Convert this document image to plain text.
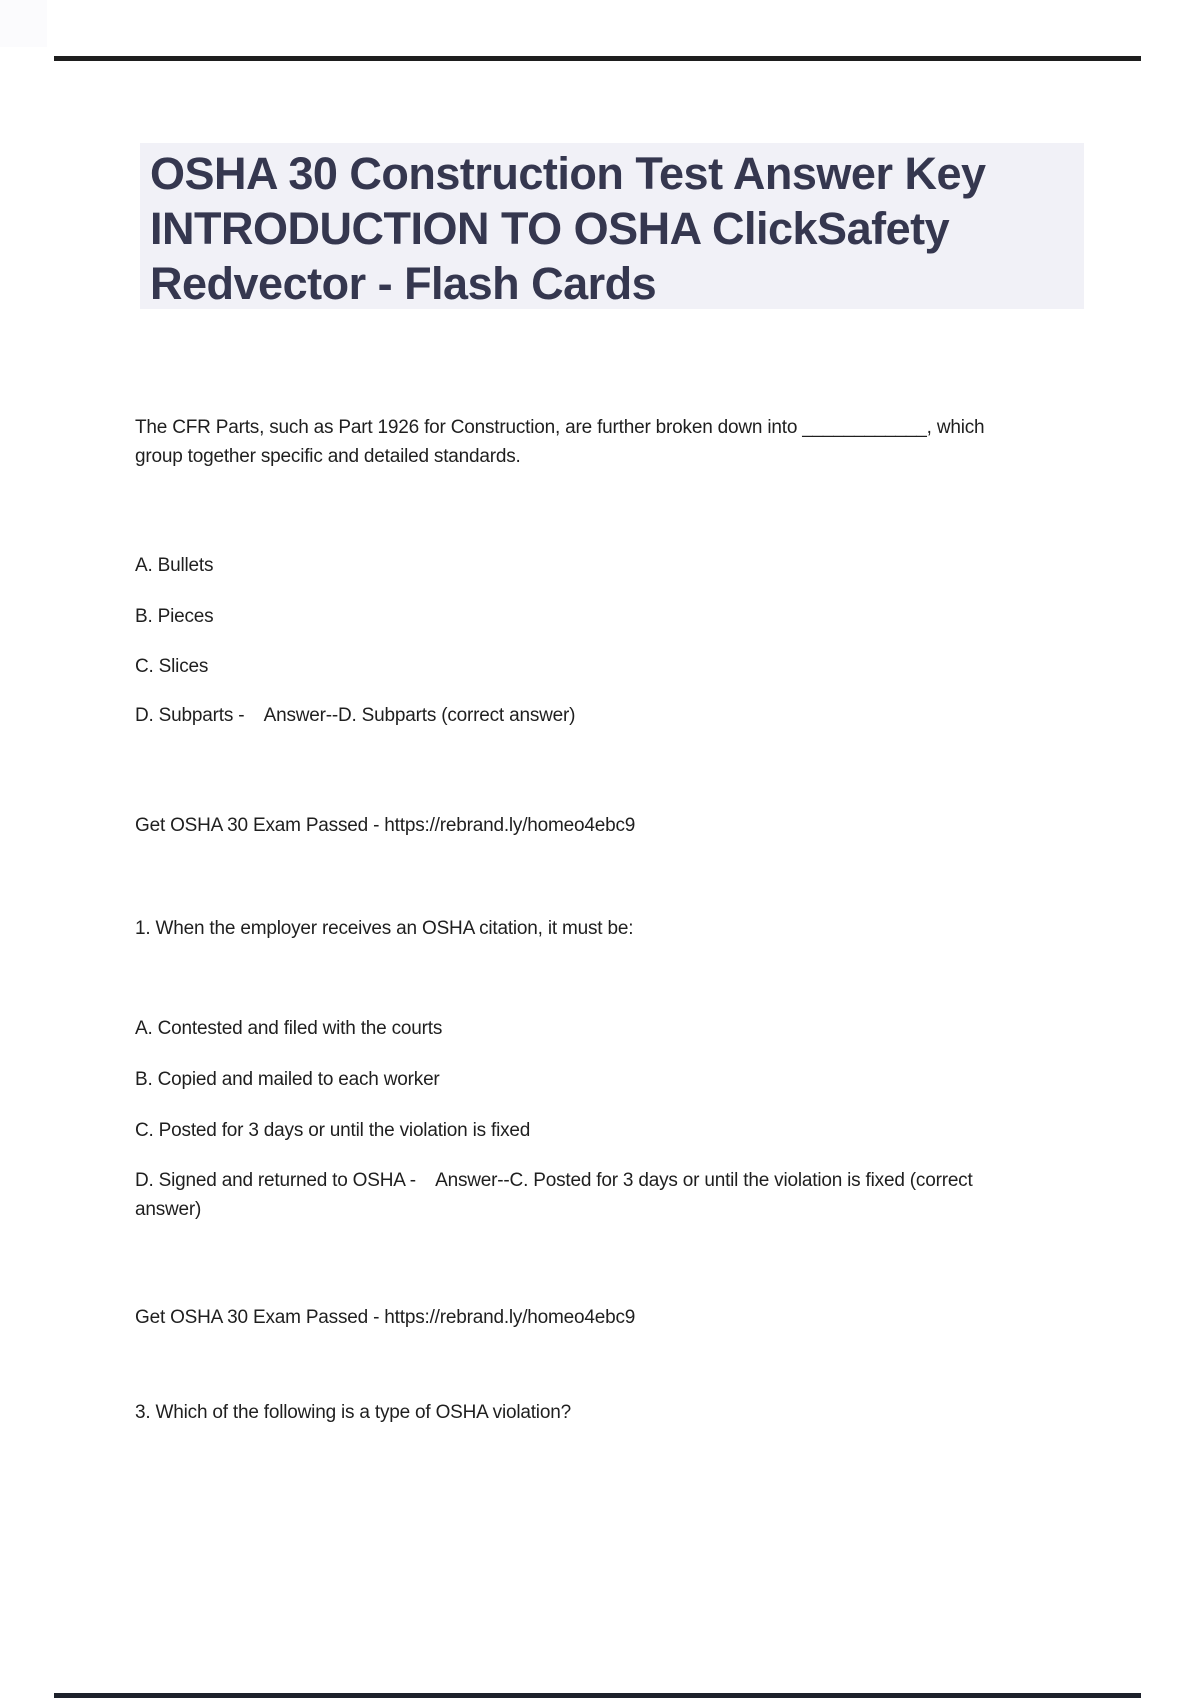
OSHA 30 Construction Test Answer Key
INTRODUCTION TO OSHA ClickSafety
Redvector - Flash Cards
The CFR Parts, such as Part 1926 for Construction, are further broken down into ____________, which
group together specific and detailed standards.
A. Bullets
B. Pieces
C. Slices
D. Subparts -    Answer--D. Subparts (correct answer)
Get OSHA 30 Exam Passed - https://rebrand.ly/homeo4ebc9
1. When the employer receives an OSHA citation, it must be:
A. Contested and filed with the courts
B. Copied and mailed to each worker
C. Posted for 3 days or until the violation is fixed
D. Signed and returned to OSHA -    Answer--C. Posted for 3 days or until the violation is fixed (correct
answer)
Get OSHA 30 Exam Passed - https://rebrand.ly/homeo4ebc9
3. Which of the following is a type of OSHA violation?
